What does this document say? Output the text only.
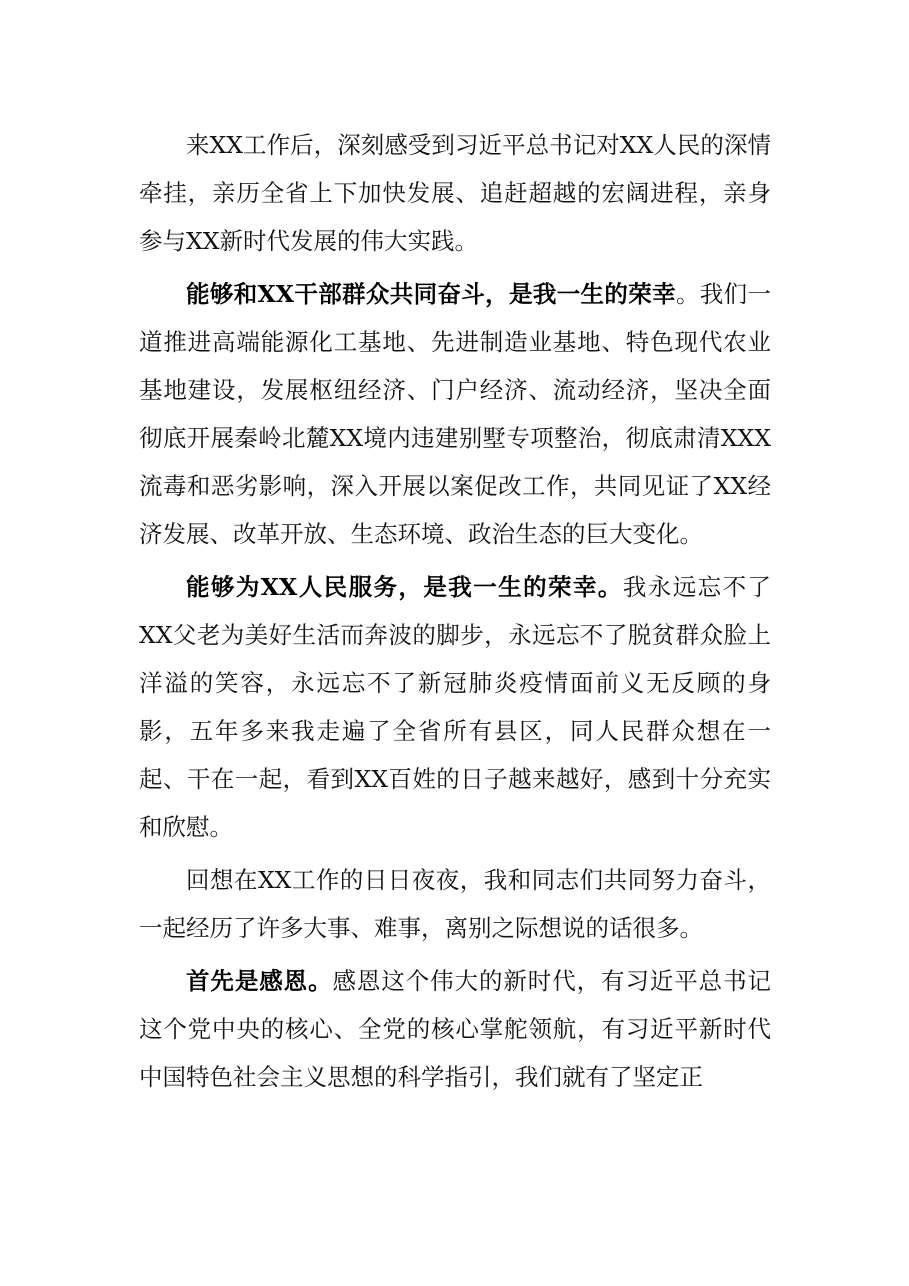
来XX工作后，深刻感受到习近平总书记对XX人民的深情牵挂，亲历全省上下加快发展、追赶超越的宏阔进程，亲身参与XX新时代发展的伟大实践。

能够和XX干部群众共同奋斗，是我一生的荣幸。我们一道推进高端能源化工基地、先进制造业基地、特色现代农业基地建设，发展枢纽经济、门户经济、流动经济，坚决全面彻底开展秦岭北麓XX境内违建别墅专项整治，彻底肃清XXX流毒和恶劣影响，深入开展以案促改工作，共同见证了XX经济发展、改革开放、生态环境、政治生态的巨大变化。

能够为XX人民服务，是我一生的荣幸。我永远忘不了XX父老为美好生活而奔波的脚步，永远忘不了脱贫群众脸上洋溢的笑容，永远忘不了新冠肺炎疫情面前义无反顾的身影，五年多来我走遍了全省所有县区，同人民群众想在一起、干在一起，看到XX百姓的日子越来越好，感到十分充实和欣慰。

回想在XX工作的日日夜夜，我和同志们共同努力奋斗，一起经历了许多大事、难事，离别之际想说的话很多。

首先是感恩。感恩这个伟大的新时代，有习近平总书记这个党中央的核心、全党的核心掌舵领航，有习近平新时代中国特色社会主义思想的科学指引，我们就有了坚定正
